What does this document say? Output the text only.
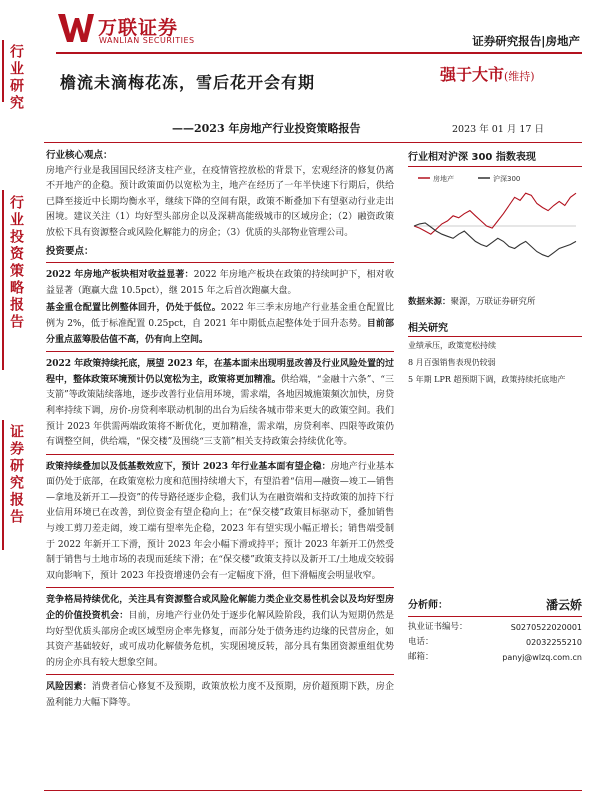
万联证券
WANLIAN SECURITIES	证券研究报告|房地产
行业研究
行业投资策略报告
证券研究报告
檐流未滴梅花冻，雪后花开会有期
——2023 年房地产行业投资策略报告
强于大市(维持)
2023 年 01 月 17 日
行业核心观点：

房地产行业是我国国民经济支柱产业，在疫情管控放松的背景下，宏观经济的修复仍离不开地产的企稳。预计政策面仍以宽松为主，地产在经历了一年半快速下行期后，供给已降至接近中长期均衡水平，继续下降的空间有限，政策不断叠加下有望驱动行业走出困境。建议关注（1）均好型头部房企以及深耕高能级城市的区域房企；（2）融资政策放松下具有资源整合或风险化解能力的房企；（3）优质的头部物业管理公司。

投资要点：

2022 年房地产板块相对收益显著：2022 年房地产板块在政策的持续呵护下，相对收益显著（跑赢大盘 10.5pct），继 2015 年之后首次跑赢大盘。

基金重仓配置比例整体回升，仍处于低位。2022 年三季末房地产行业基金重仓配置比例为 2%，低于标准配置 0.25pct，自 2021 年中期低点起整体处于回升态势。目前部分重点蓝筹股估值不高，仍有向上空间。

2022 年政策持续托底，展望 2023 年，在基本面未出现明显改善及行业风险处置的过程中，整体政策环境预计仍以宽松为主，政策将更加精准。供给端，“金融十六条”、“三支箭”等政策陆续落地，逐步改善行业信用环境，需求端，各地因城施策频次加快，房贷利率持续下调，房价-房贷利率联动机制的出台为后续各城市带来更大的政策空间。我们预计 2023 年供需两端政策将不断优化，更加精准，需求端，房贷利率、四限等政策仍有调整空间，供给端，“保交楼”及围绕“三支箭”相关支持政策会持续优化等。

政策持续叠加以及低基数效应下，预计 2023 年行业基本面有望企稳：房地产行业基本面仍处于底部，在政策宽松力度和范围持续增大下，有望沿着“信用—融资—竣工—销售—拿地及新开工—投资”的传导路径逐步企稳，我们认为在融资端和支持政策的加持下行业信用环境已在改善，到位资金有望企稳向上；在“保交楼”政策目标驱动下，叠加销售与竣工剪刀差走阔，竣工端有望率先企稳，2023 年有望实现小幅正增长；销售端受制于 2022 年新开工下滑，预计 2023 年会小幅下滑或持平；预计 2023 年新开工仍然受制于销售与土地市场的表现而延续下滑；在“保交楼”政策支持以及新开工/土地成交较弱双向影响下，预计 2023 年投资增速仍会有一定幅度下滑，但下滑幅度会明显收窄。

竞争格局持续优化，关注具有资源整合或风险化解能力类企业交易性机会以及均好型房企的价值投资机会：目前，房地产行业仍处于逐步化解风险阶段，我们认为短期仍然是均好型优质头部房企或区域型房企率先修复，而部分处于债务违约边缘的民营房企，如其资产基础较好，或可成功化解债务危机，实现困境反转，部分具有集团资源重组优势的房企亦具有较大想象空间。

风险因素：消费者信心修复不及预期，政策放松力度不及预期，房价超预期下跌，房企盈利能力大幅下降等。

行业相对沪深 300 指数表现
房地产	沪深300
数据来源：聚源，万联证券研究所
相关研究
业绩承压，政策宽松持续
8 月百强销售表现仍较弱
5 年期 LPR 超预期下调，政策持续托底地产
分析师：	潘云娇
执业证书编号：	S0270522020001
电话：	02032255210
邮箱：	panyj@wlzq.com.cn
